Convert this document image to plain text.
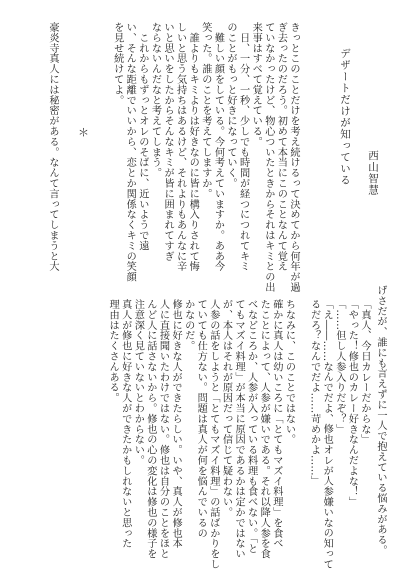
西山智慧
デザートだけが知っている
きっとこのことだけを考え続けるって決めてから何年が過
ぎ去ったのだろう。初めて本当にこのことなんて覚え
ていなかったけど、物心ついたときからそれはキミとの出
来事はすべて覚えている。
　日、一分、一秒、少しでも時間が経つにつれてキミ
のことがもっと好きになっていく。
　難しい顔をしている。今何考えていますか。ああ今
笑った。誰のことを考えてしますか。
　誰よりもキミよりは好きなのに皆に構入りされて悔
しいと思う気持ちはあるけど、それよりもあんなに辛
いと思いをしたからそんなキミが皆に囲まれてすぎ
ならないんだなと考えてしまう。
　これからもずっとオレのそばに、近いようで遠
い、そんな距離でいいから、恋とか関係なくキミの笑顔
を見せ続けてよ。
＊
豪炎寺真人には秘密がある。なんて言ってしまうと大
げさだが、誰にも言えずに一人で抱えている悩みがある。
「真人、今日カレーだからな」
「やった！修也のカレー好きなんだよな！」
「……但し人参入りだぞ？」
「え――……なんでだよ、修也オレが人参嫌いなの知って
るだろ？なんでだよ……苛めかよ……」

ちなみに、このことではない。
確かに真人は幼いころに「とてもマズイ料理」を食べ
たことによって、人参が嫌いである。それ以降人参を食
べなどころか、人参が入っている料理も食べない。「と
てもマズイ料理」が本当に原因であるかは定かではない
が、本人はそれが原因だって信じて疑わない。
人参の話をしようと「とてもマズイ料理」の話ばかりをし
ていても仕方ない。問題は真人が何を悩んでいるの
かなのだ。
修也に好きな人ができたらしい。いや、真人が修也本
人に直接聞いたわけではない。修也は自分のことをほと
んど人に話さないから。修也の心の変化は修也の様子を
注意深く見ていないとわからない。
真人が修也に好きな人ができたかもしれないと思った
理由はたくさんある。
